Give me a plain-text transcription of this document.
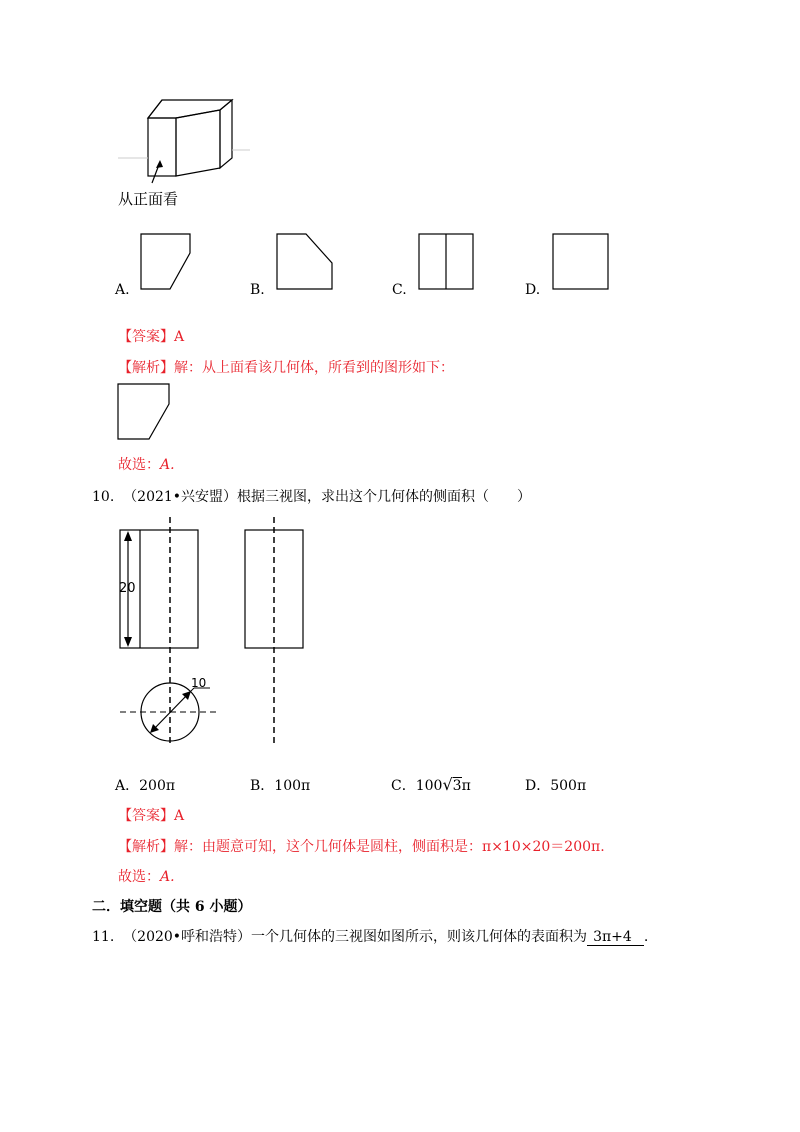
从正面看
A.	B.	C.	D.
【答案】A
【解析】解：从上面看该几何体，所看到的图形如下：
故选：A.
10. （2021•兴安盟）根据三视图，求出这个几何体的侧面积（　　）
20
10
A．200π	B．100π	C．100√3π	D．500π
【答案】A
【解析】解：由题意可知，这个几何体是圆柱，侧面积是：π×10×20＝200π.
故选：A.
二．填空题（共 6 小题）
11. （2020•呼和浩特）一个几何体的三视图如图所示，则该几何体的表面积为 3π+4 .
